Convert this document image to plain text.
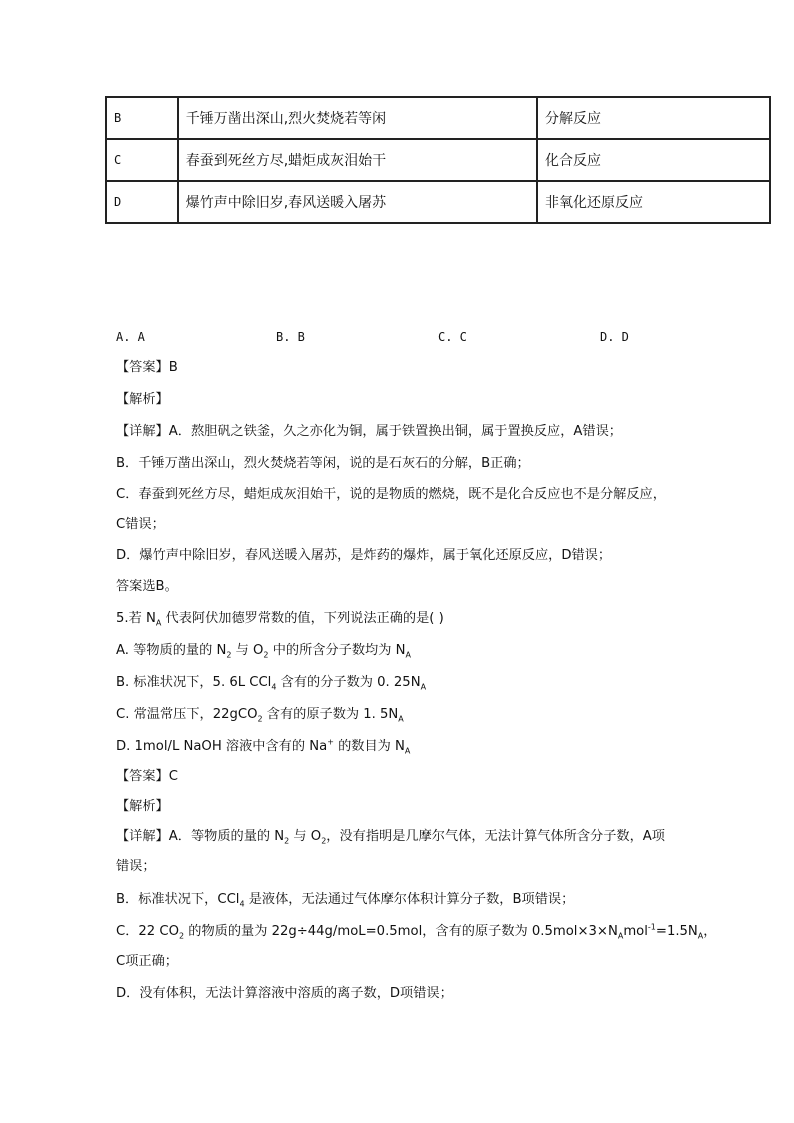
B	千锤万凿出深山,烈火焚烧若等闲	分解反应
C	春蚕到死丝方尽,蜡炬成灰泪始干	化合反应
D	爆竹声中除旧岁,春风送暖入屠苏	非氧化还原反应
A. A	B. B	C. C	D. D
【答案】B
【解析】
【详解】A．熬胆矾之铁釜，久之亦化为铜，属于铁置换出铜，属于置换反应，A错误；
B．千锤万凿出深山，烈火焚烧若等闲，说的是石灰石的分解，B正确；
C．春蚕到死丝方尽，蜡炬成灰泪始干，说的是物质的燃烧，既不是化合反应也不是分解反应，
C错误；
D．爆竹声中除旧岁，春风送暖入屠苏，是炸药的爆炸，属于氧化还原反应，D错误；
答案选B。
5.若 $N_A$ 代表阿伏加德罗常数的值，下列说法正确的是( )
A. 等物质的量的 $N_2$ 与 $O_2$ 中的所含分子数均为 $N_A$
B. 标准状况下，5. 6L CCl$_4$ 含有的分子数为 0. $25N_A$
C. 常温常压下，22gCO$_2$ 含有的原子数为 1. $5N_A$
D. 1mol/L NaOH 溶液中含有的 Na+ 的数目为 $N_A$
【答案】C
【解析】
【详解】A．等物质的量的 $N_2$ 与 $O_2$，没有指明是几摩尔气体，无法计算气体所含分子数，A项
错误；
B．标准状况下，CCl$_4$ 是液体，无法通过气体摩尔体积计算分子数，B项错误；
C．22 $CO_2$ 的物质的量为 22g÷44g/moL=0.5mol，含有的原子数为 $0.5mol\times 3\times N_Amol^{-1}=1.5N_A$，
C项正确；
D．没有体积，无法计算溶液中溶质的离子数，D项错误；
